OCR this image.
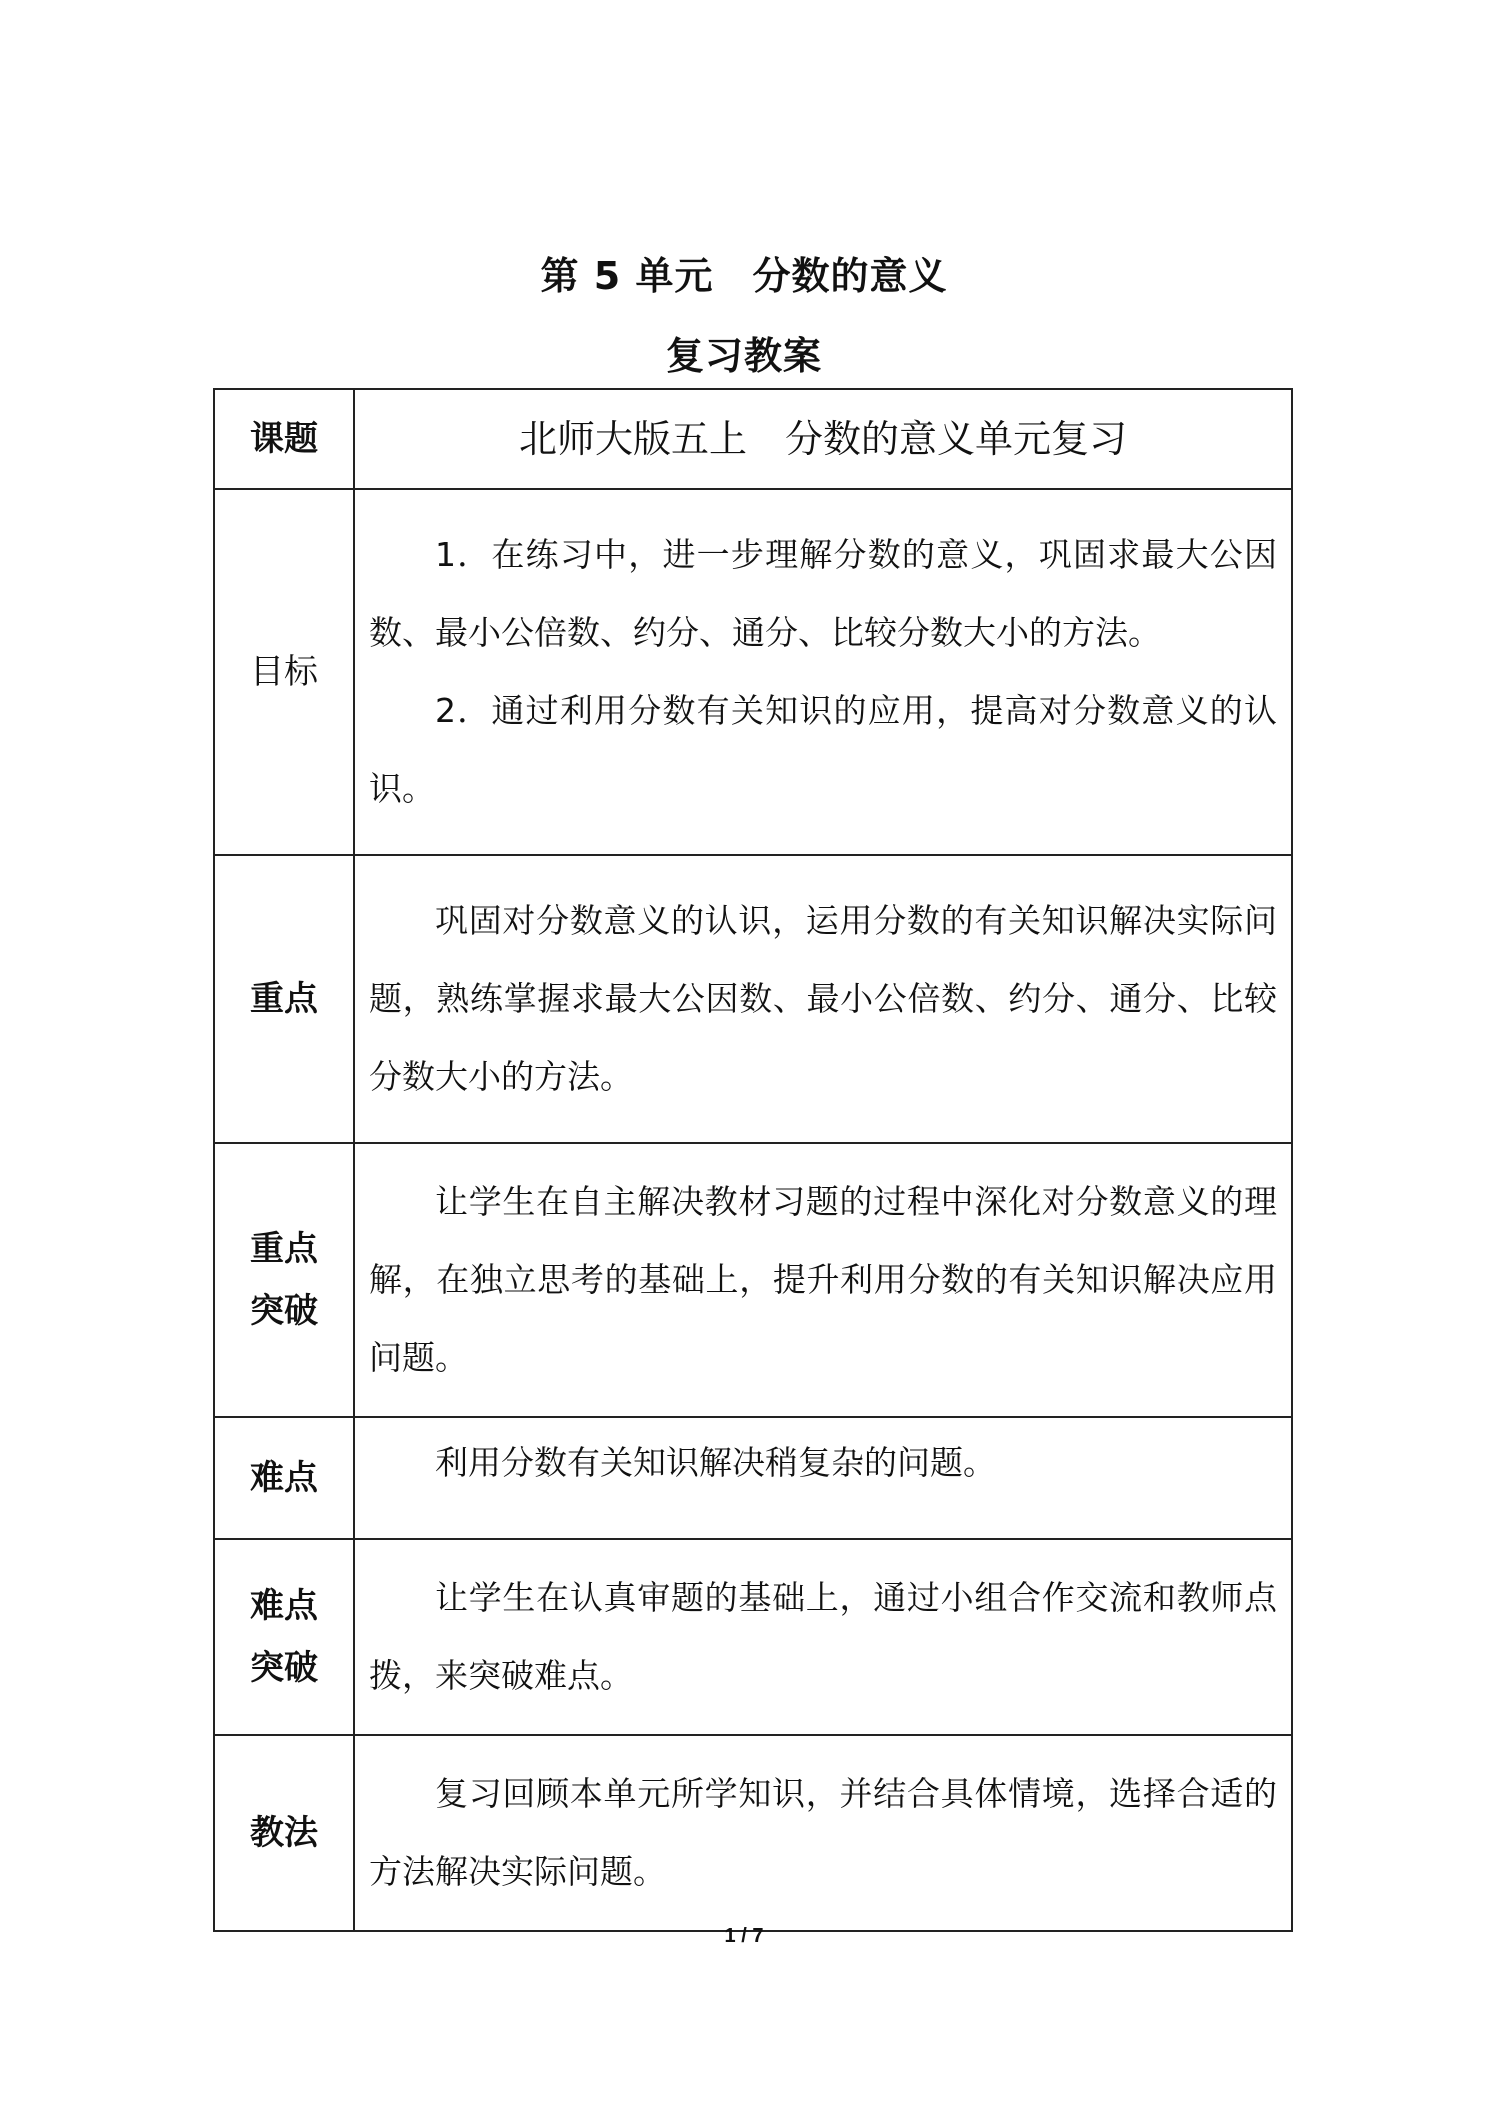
第 5 单元　分数的意义
复习教案
课题	北师大版五上　分数的意义单元复习
目标	1．在练习中，进一步理解分数的意义，巩固求最大公因数、最小公倍数、约分、通分、比较分数大小的方法。

2．通过利用分数有关知识的应用，提高对分数意义的认识。

重点	巩固对分数意义的认识，运用分数的有关知识解决实际问题，熟练掌握求最大公因数、最小公倍数、约分、通分、比较分数大小的方法。

重点
突破	让学生在自主解决教材习题的过程中深化对分数意义的理解，在独立思考的基础上，提升利用分数的有关知识解决应用问题。

难点	利用分数有关知识解决稍复杂的问题。

难点
突破	让学生在认真审题的基础上，通过小组合作交流和教师点拨，来突破难点。

教法	复习回顾本单元所学知识，并结合具体情境，选择合适的方法解决实际问题。

1 / 7
